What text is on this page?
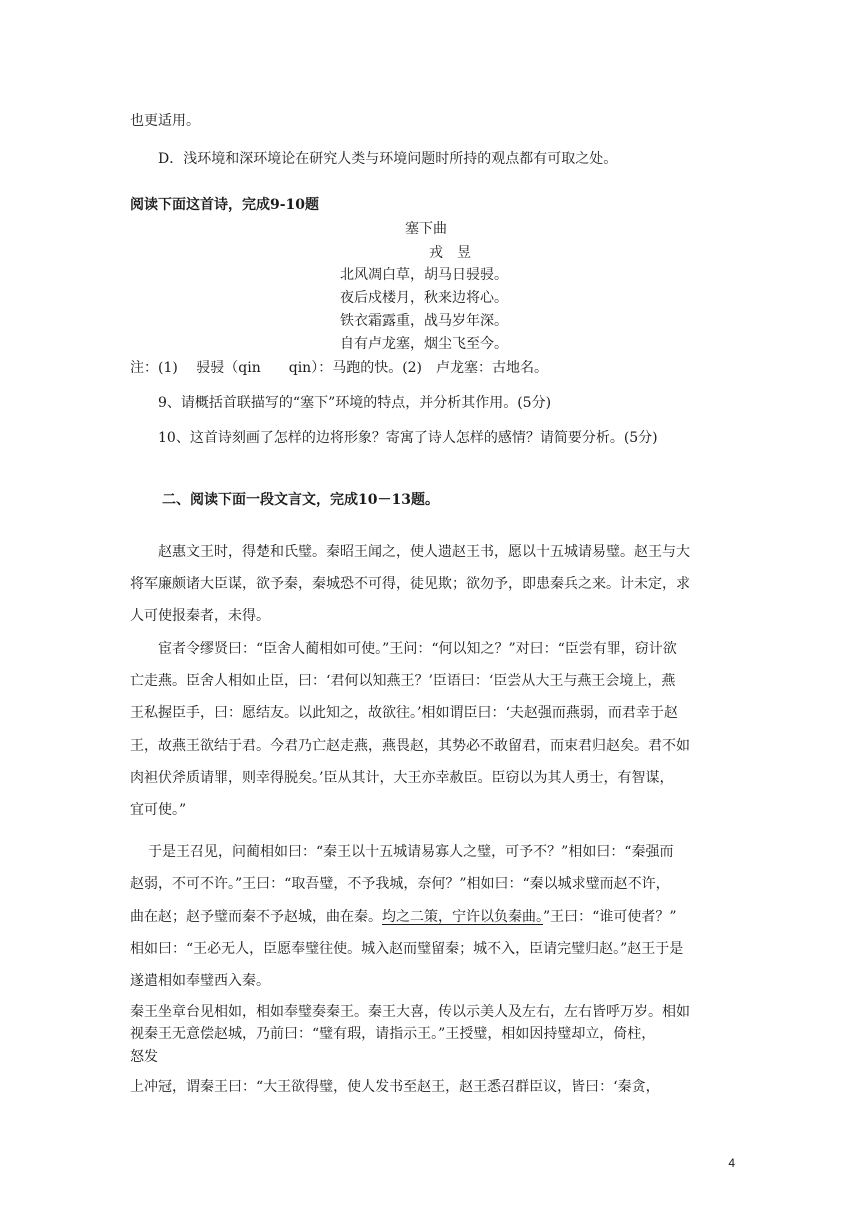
也更适用。
D．浅环境和深环境论在研究人类与环境问题时所持的观点都有可取之处。
阅读下面这首诗，完成9-10题
塞下曲
戎　昱
北风凋白草，胡马日骎骎。
夜后戍楼月，秋来边将心。
铁衣霜露重，战马岁年深。
自有卢龙塞，烟尘飞至今。
注：(1)　 骎骎（qin　　qin）：马跑的快。(2)　卢龙塞：古地名。
9、请概括首联描写的“塞下”环境的特点，并分析其作用。(5分)
10、这首诗刻画了怎样的边将形象？寄寓了诗人怎样的感情？请简要分析。(5分)
二、阅读下面一段文言文，完成10－13题。
赵惠文王时，得楚和氏璧。秦昭王闻之，使人遗赵王书，愿以十五城请易璧。赵王与大
将军廉颇诸大臣谋，欲予秦，秦城恐不可得，徒见欺；欲勿予，即患秦兵之来。计未定，求
人可使报秦者，未得。
宦者令缪贤曰：“臣舍人蔺相如可使。”王问：“何以知之？”对曰：“臣尝有罪，窃计欲
亡走燕。臣舍人相如止臣，曰：‘君何以知燕王？’臣语曰：‘臣尝从大王与燕王会境上，燕
王私握臣手，曰：愿结友。以此知之，故欲往。’相如谓臣曰：‘夫赵强而燕弱，而君幸于赵
王，故燕王欲结于君。今君乃亡赵走燕，燕畏赵，其势必不敢留君，而束君归赵矣。君不如
肉袒伏斧质请罪，则幸得脱矣。’臣从其计，大王亦幸赦臣。臣窃以为其人勇士，有智谋，
宜可使。”
于是王召见，问蔺相如曰：“秦王以十五城请易寡人之璧，可予不？”相如曰：“秦强而
赵弱，不可不许。”王曰：“取吾璧，不予我城，奈何？”相如曰：“秦以城求璧而赵不许，
曲在赵；赵予璧而秦不予赵城，曲在秦。均之二策，宁许以负秦曲。”王曰：“谁可使者？”
相如曰：“王必无人，臣愿奉璧往使。城入赵而璧留秦；城不入，臣请完璧归赵。”赵王于是
遂遣相如奉璧西入秦。
秦王坐章台见相如，相如奉璧奏秦王。秦王大喜，传以示美人及左右，左右皆呼万岁。相如
视秦王无意偿赵城，乃前曰：“璧有瑕，请指示王。”王授璧，相如因持璧却立，倚柱，
怒发
上冲冠，谓秦王曰：“大王欲得璧，使人发书至赵王，赵王悉召群臣议，皆曰：‘秦贪，
4
